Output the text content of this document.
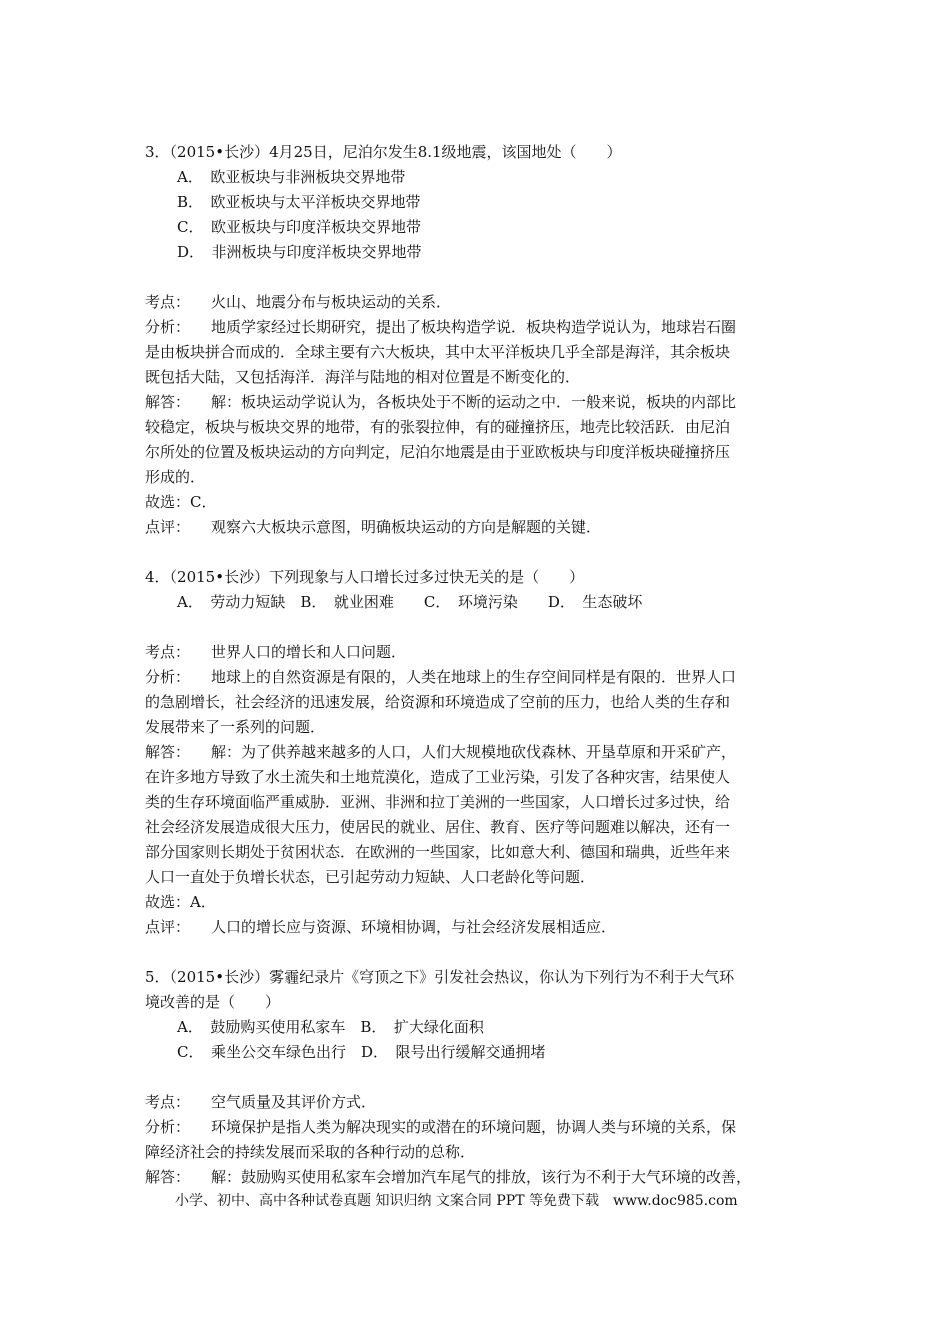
3．（2015•长沙）4月25日，尼泊尔发生8.1级地震，该国地处（　　）
A．　欧亚板块与非洲板块交界地带
B．　欧亚板块与太平洋板块交界地带
C．　欧亚板块与印度洋板块交界地带
D．　非洲板块与印度洋板块交界地带
考点： 火山、地震分布与板块运动的关系．
分析： 地质学家经过长期研究，提出了板块构造学说．板块构造学说认为，地球岩石圈
是由板块拼合而成的．全球主要有六大板块，其中太平洋板块几乎全部是海洋，其余板块
既包括大陆，又包括海洋．海洋与陆地的相对位置是不断变化的．
解答： 解：板块运动学说认为，各板块处于不断的运动之中．一般来说，板块的内部比
较稳定，板块与板块交界的地带，有的张裂拉伸，有的碰撞挤压，地壳比较活跃．由尼泊
尔所处的位置及板块运动的方向判定，尼泊尔地震是由于亚欧板块与印度洋板块碰撞挤压
形成的．
故选：C．
点评： 观察六大板块示意图，明确板块运动的方向是解题的关键．
4．（2015•长沙）下列现象与人口增长过多过快无关的是（　　）
A．　劳动力短缺　B．　就业困难　　C．　环境污染　　D．　生态破坏
考点： 世界人口的增长和人口问题．
分析： 地球上的自然资源是有限的，人类在地球上的生存空间同样是有限的．世界人口
的急剧增长，社会经济的迅速发展，给资源和环境造成了空前的压力，也给人类的生存和
发展带来了一系列的问题．
解答： 解：为了供养越来越多的人口，人们大规模地砍伐森林、开垦草原和开采矿产，
在许多地方导致了水土流失和土地荒漠化，造成了工业污染，引发了各种灾害，结果使人
类的生存环境面临严重威胁．亚洲、非洲和拉丁美洲的一些国家，人口增长过多过快，给
社会经济发展造成很大压力，使居民的就业、居住、教育、医疗等问题难以解决，还有一
部分国家则长期处于贫困状态．在欧洲的一些国家，比如意大利、德国和瑞典，近些年来
人口一直处于负增长状态，已引起劳动力短缺、人口老龄化等问题．
故选：A．
点评： 人口的增长应与资源、环境相协调，与社会经济发展相适应．
5．（2015•长沙）雾霾纪录片《穹顶之下》引发社会热议，你认为下列行为不利于大气环
境改善的是（　　）
A．　鼓励购买使用私家车　B．　扩大绿化面积
C．　乘坐公交车绿色出行　D．　限号出行缓解交通拥堵
考点： 空气质量及其评价方式．
分析： 环境保护是指人类为解决现实的或潜在的环境问题，协调人类与环境的关系，保
障经济社会的持续发展而采取的各种行动的总称．
解答： 解：鼓励购买使用私家车会增加汽车尾气的排放，该行为不利于大气环境的改善，
小学、初中、高中各种试卷真题 知识归纳 文案合同 PPT 等免费下载　www.doc985.com
